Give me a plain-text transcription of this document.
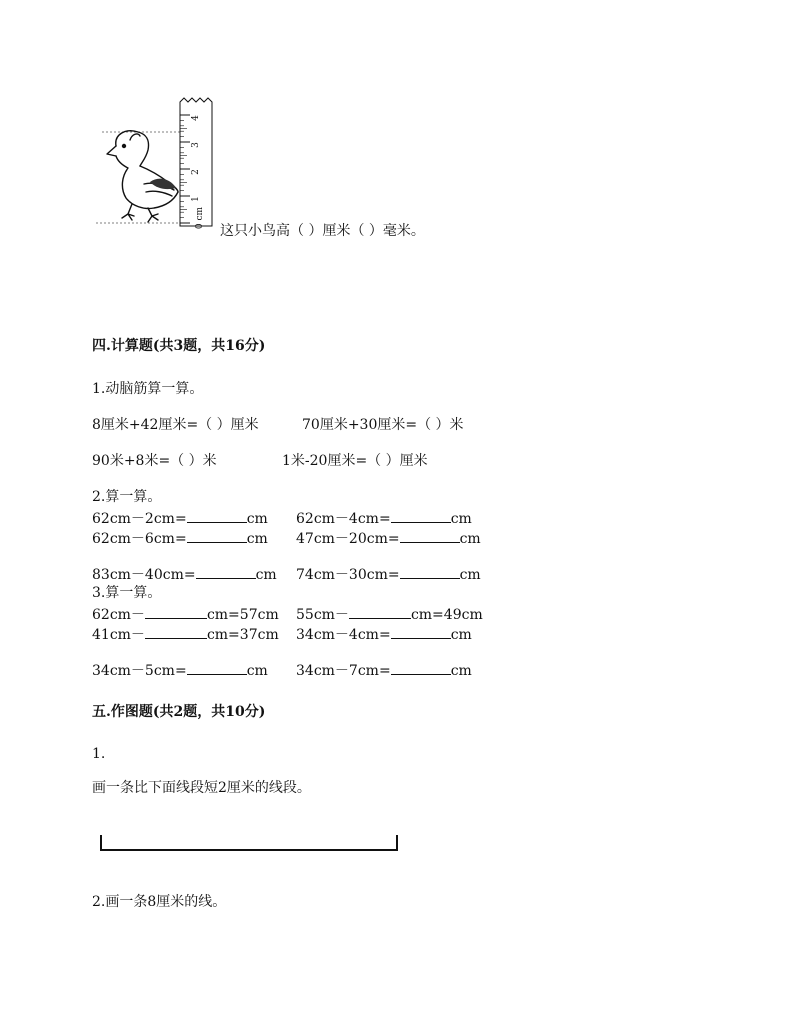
4
3
2
1
0 cm
这只小鸟高（ ）厘米（ ）毫米。
四.计算题(共3题，共16分)
1.动脑筋算一算。
8厘米+42厘米=（ ）厘米	70厘米+30厘米=（ ）米
90米+8米=（ ）米	1米-20厘米=（ ）厘米
2.算一算。
62cm－2cm=	cm 62cm－4cm=	cm
62cm－6cm=	cm 47cm－20cm=	cm
83cm－40cm=	cm 74cm－30cm=	cm
3.算一算。
62cm－	cm=57cm 55cm－	cm=49cm
41cm－	cm=37cm 34cm－4cm=	cm
34cm－5cm=	cm 34cm－7cm=	cm
五.作图题(共2题，共10分)
1.
画一条比下面线段短2厘米的线段。
2.画一条8厘米的线。
